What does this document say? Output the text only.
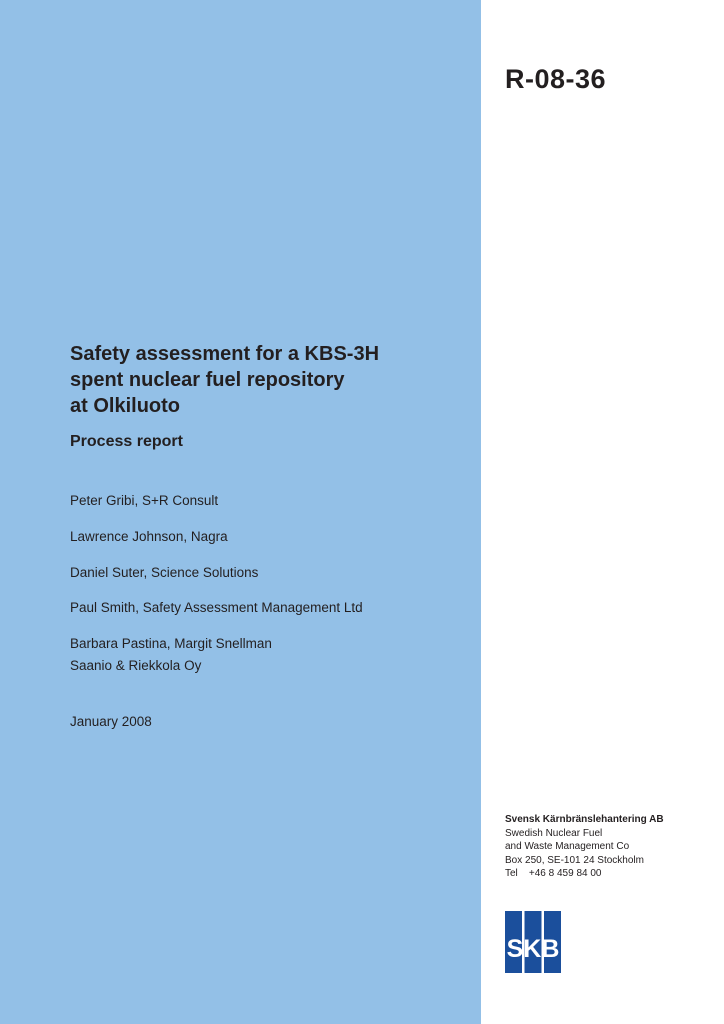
R-08-36
Safety assessment for a KBS-3H
spent nuclear fuel repository
at Olkiluoto
Process report
Peter Gribi, S+R Consult
Lawrence Johnson, Nagra
Daniel Suter, Science Solutions
Paul Smith, Safety Assessment Management Ltd
Barbara Pastina, Margit Snellman
Saanio & Riekkola Oy
January 2008
Svensk Kärnbränslehantering AB
Swedish Nuclear Fuel
and Waste Management Co
Box 250, SE-101 24 Stockholm
Tel    +46 8 459 84 00
SKB
